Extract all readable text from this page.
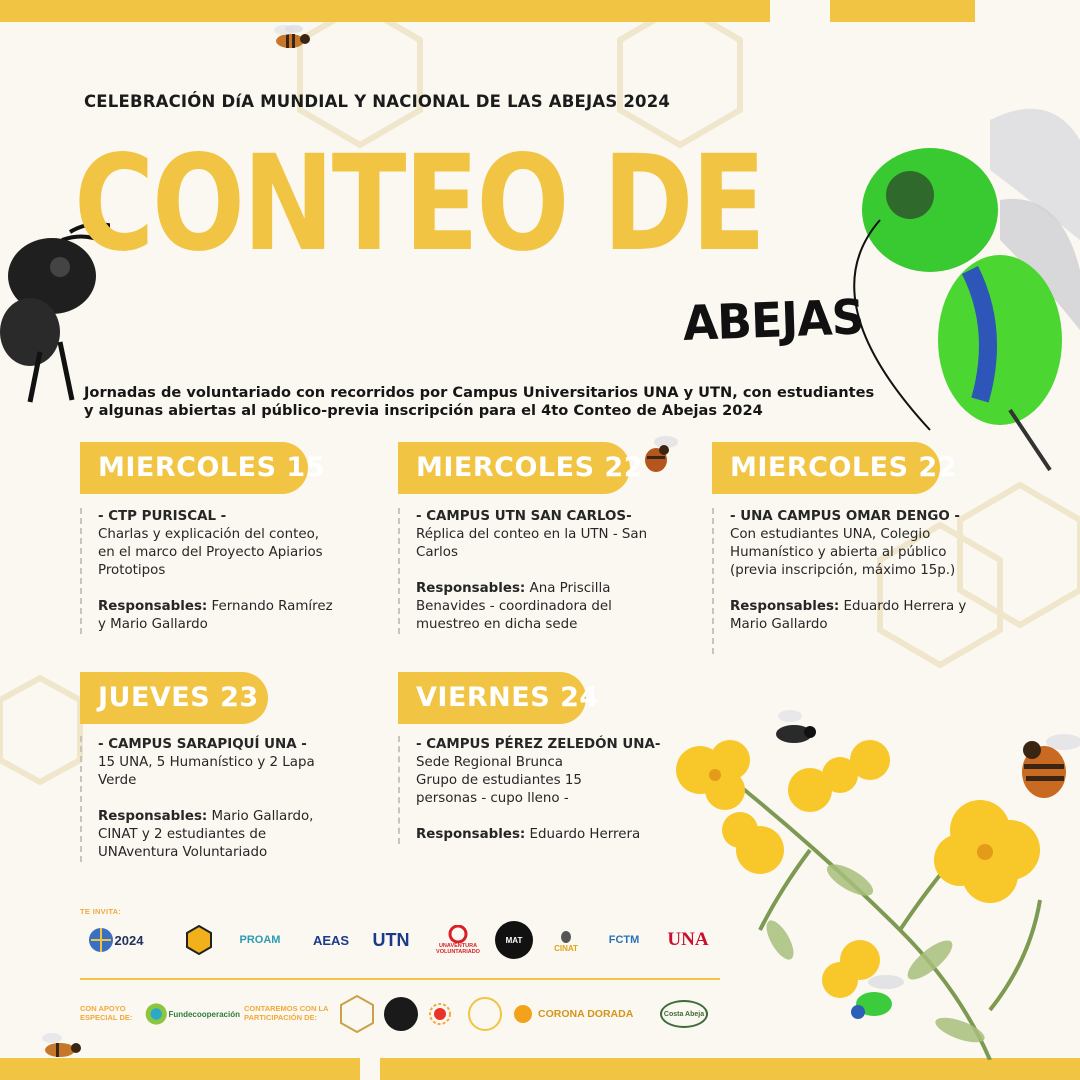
CELEBRACIÓN DíA MUNDIAL Y NACIONAL DE LAS ABEJAS 2024
CONTEO DE
ABEJAS
Jornadas de voluntariado con recorridos por Campus Universitarios UNA y UTN, con estudiantes
y algunas abiertas al público-previa inscripción para el 4to Conteo de Abejas 2024
MIERCOLES 15
- CTP PURISCAL -
Charlas y explicación del conteo,
en el marco del Proyecto Apiarios
Prototipos
Responsables: Fernando Ramírez
y Mario Gallardo
MIERCOLES 22
- CAMPUS UTN SAN CARLOS-
Réplica del conteo en la UTN - San
Carlos
Responsables: Ana Priscilla
Benavides - coordinadora del
muestreo en dicha sede
MIERCOLES 22
- UNA CAMPUS OMAR DENGO -
Con estudiantes UNA, Colegio
Humanístico y abierta al público
(previa inscripción, máximo 15p.)
Responsables: Eduardo Herrera y
Mario Gallardo
JUEVES 23
- CAMPUS SARAPIQUÍ UNA -
15 UNA, 5 Humanístico y 2 Lapa
Verde
Responsables: Mario Gallardo,
CINAT y 2 estudiantes de
UNAventura Voluntariado
VIERNES 24
- CAMPUS PÉREZ ZELEDÓN UNA-
Sede Regional Brunca
Grupo de estudiantes 15
personas - cupo lleno -
Responsables: Eduardo Herrera
TE INVITA:
2024	PROAM AEAS UTN	UNAVENTURA VOLUNTARIADO
MAT
CINAT
FCTM UNA
CON APOYO ESPECIAL DE:	Fundecooperación
CONTAREMOS CON LA PARTICIPACIÓN DE:	CORONA DORADA	Costa Abeja
